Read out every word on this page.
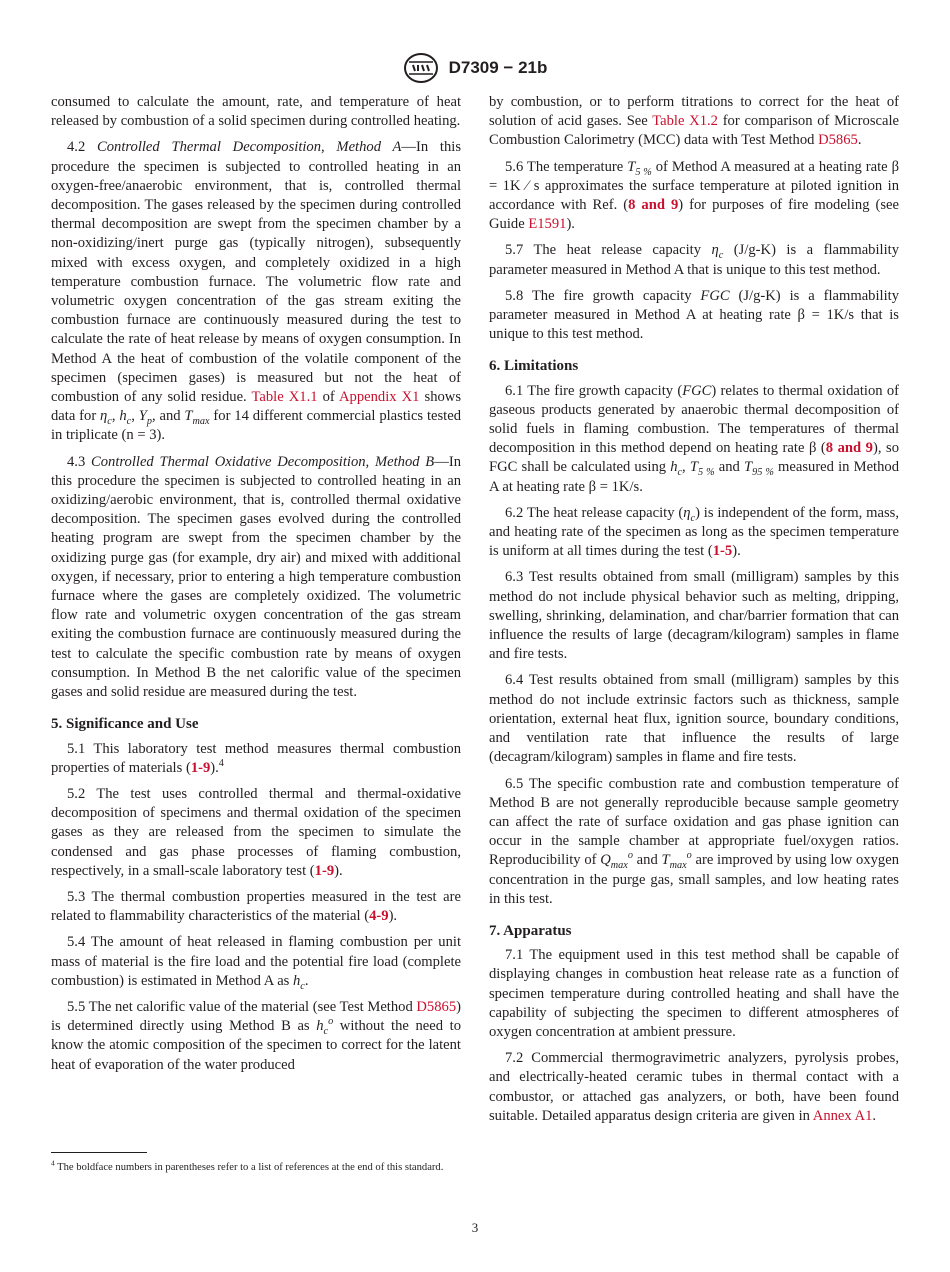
D7309 − 21b

consumed to calculate the amount, rate, and temperature of heat released by combustion of a solid specimen during controlled heating.

4.2 Controlled Thermal Decomposition, Method A—In this procedure the specimen is subjected to controlled heating in an oxygen-free/anaerobic environment, that is, controlled thermal decomposition. The gases released by the specimen during controlled thermal decomposition are swept from the specimen chamber by a non-oxidizing/inert purge gas (typically nitrogen), subsequently mixed with excess oxygen, and completely oxidized in a high temperature combustion furnace. The volumetric flow rate and volumetric oxygen concentration of the gas stream exiting the combustion furnace are continuously measured during the test to calculate the rate of heat release by means of oxygen consumption. In Method A the heat of combustion of the volatile component of the specimen (specimen gases) is measured but not the heat of combustion of any solid residue. Table X1.1 of Appendix X1 shows data for $\eta_c$, $h_c$, $Y_p$, and $T_{max}$ for 14 different commercial plastics tested in triplicate (n = 3).

4.3 Controlled Thermal Oxidative Decomposition, Method B—In this procedure the specimen is subjected to controlled heating in an oxidizing/aerobic environment, that is, controlled thermal oxidative decomposition. The specimen gases evolved during the controlled heating program are swept from the specimen chamber by the oxidizing purge gas (for example, dry air) and mixed with additional oxygen, if necessary, prior to entering a high temperature combustion furnace where the gases are completely oxidized. The volumetric flow rate and volumetric oxygen concentration of the gas stream exiting the combustion furnace are continuously measured during the test to calculate the specific combustion rate by means of oxygen consumption. In Method B the net calorific value of the specimen gases and solid residue are measured during the test.

5. Significance and Use

5.1 This laboratory test method measures thermal combustion properties of materials (1-9).$^4$

5.2 The test uses controlled thermal and thermal-oxidative decomposition of specimens and thermal oxidation of the specimen gases as they are released from the specimen to simulate the condensed and gas phase processes of flaming combustion, respectively, in a small-scale laboratory test (1-9).

5.3 The thermal combustion properties measured in the test are related to flammability characteristics of the material (4-9).

5.4 The amount of heat released in flaming combustion per unit mass of material is the fire load and the potential fire load (complete combustion) is estimated in Method A as $h_c$.

5.5 The net calorific value of the material (see Test Method D5865) is determined directly using Method B as $h_c^o$ without the need to know the atomic composition of the specimen to correct for the latent heat of evaporation of the water produced

by combustion, or to perform titrations to correct for the heat of solution of acid gases. See Table X1.2 for comparison of Microscale Combustion Calorimetry (MCC) data with Test Method D5865.

5.6 The temperature $T_{5 \%}$ of Method A measured at a heating rate β = 1K ⁄ s approximates the surface temperature at piloted ignition in accordance with Ref. (8 and 9) for purposes of fire modeling (see Guide E1591).

5.7 The heat release capacity $\eta_c$ (J/g-K) is a flammability parameter measured in Method A that is unique to this test method.

5.8 The fire growth capacity FGC (J/g-K) is a flammability parameter measured in Method A at heating rate β = 1K/s that is unique to this test method.

6. Limitations

6.1 The fire growth capacity (FGC) relates to thermal oxidation of gaseous products generated by anaerobic thermal decomposition of solid fuels in flaming combustion. The temperatures of thermal decomposition in this method depend on heating rate β (8 and 9), so FGC shall be calculated using $h_c$, $T_{5 \%}$ and $T_{95 \%}$ measured in Method A at heating rate β = 1K/s.

6.2 The heat release capacity $(\eta_c)$ is independent of the form, mass, and heating rate of the specimen as long as the specimen temperature is uniform at all times during the test (1-5).

6.3 Test results obtained from small (milligram) samples by this method do not include physical behavior such as melting, dripping, swelling, shrinking, delamination, and char/barrier formation that can influence the results of large (decagram/kilogram) samples in flame and fire tests.

6.4 Test results obtained from small (milligram) samples by this method do not include extrinsic factors such as thickness, sample orientation, external heat flux, ignition source, boundary conditions, and ventilation rate that influence the results of large (decagram/kilogram) samples in flame and fire tests.

6.5 The specific combustion rate and combustion temperature of Method B are not generally reproducible because sample geometry can affect the rate of surface oxidation and gas phase ignition can occur in the sample chamber at appropriate fuel/oxygen ratios. Reproducibility of $Q_{max}^o$ and $T_{max}^o$ are improved by using low oxygen concentration in the purge gas, small samples, and low heating rates in this test.

7. Apparatus

7.1 The equipment used in this test method shall be capable of displaying changes in combustion heat release rate as a function of specimen temperature during controlled heating and shall have the capability of subjecting the specimen to different atmospheres of oxygen concentration at ambient pressure.

7.2 Commercial thermogravimetric analyzers, pyrolysis probes, and electrically-heated ceramic tubes in thermal contact with a combustor, or attached gas analyzers, or both, have been found suitable. Detailed apparatus design criteria are given in Annex A1.

$^4$ The boldface numbers in parentheses refer to a list of references at the end of this standard.
3
